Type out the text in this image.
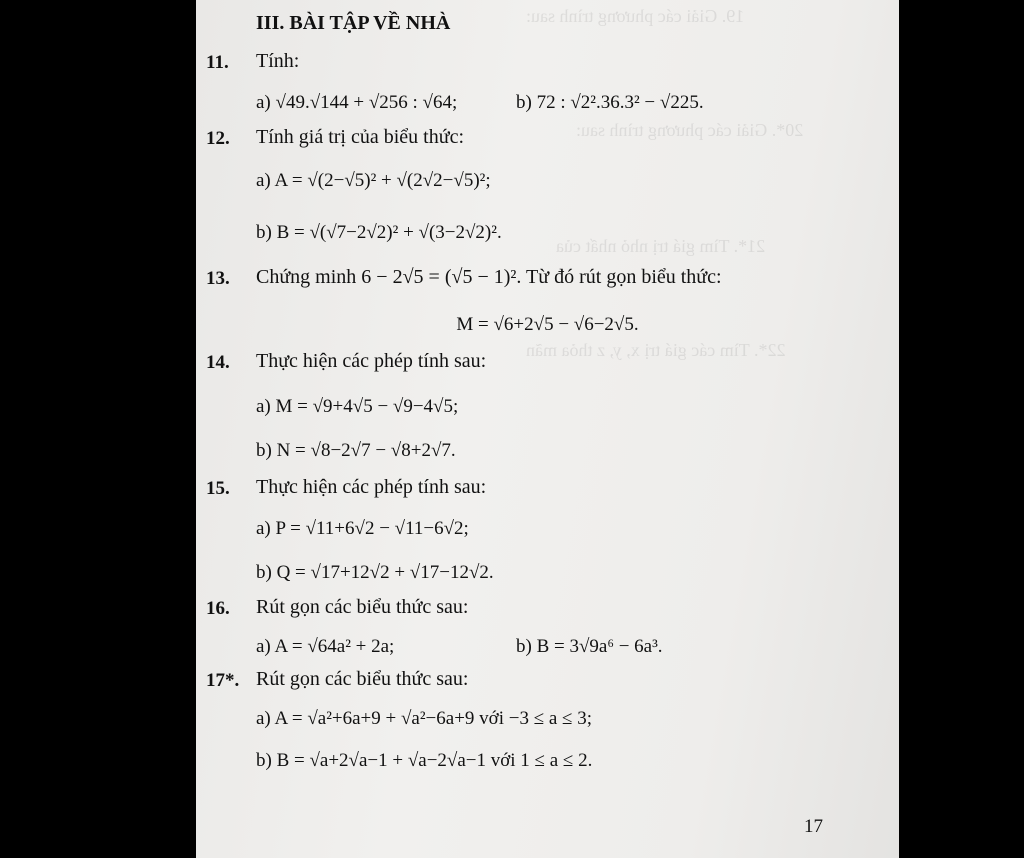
19. Giải các phương trình sau:
20*. Giải các phương trình sau:
21*. Tìm giá trị nhỏ nhất của
22*. Tìm các giá trị x, y, z thỏa mãn
III. BÀI TẬP VỀ NHÀ
11. Tính:
a) √49.√144 + √256 : √64;	b) 72 : √2².36.3² − √225.
12. Tính giá trị của biểu thức:
a) A = √(2−√5)² + √(2√2−√5)²;
b) B = √(√7−2√2)² + √(3−2√2)².
13. Chứng minh 6 − 2√5 = (√5 − 1)². Từ đó rút gọn biểu thức:
M = √6+2√5 − √6−2√5.
14. Thực hiện các phép tính sau:
a) M = √9+4√5 − √9−4√5;
b) N = √8−2√7 − √8+2√7.
15. Thực hiện các phép tính sau:
a) P = √11+6√2 − √11−6√2;
b) Q = √17+12√2 + √17−12√2.
16. Rút gọn các biểu thức sau:
a) A = √64a² + 2a;	b) B = 3√9a⁶ − 6a³.
17*. Rút gọn các biểu thức sau:
a) A = √a²+6a+9 + √a²−6a+9 với −3 ≤ a ≤ 3;
b) B = √a+2√a−1 + √a−2√a−1 với 1 ≤ a ≤ 2.
17
